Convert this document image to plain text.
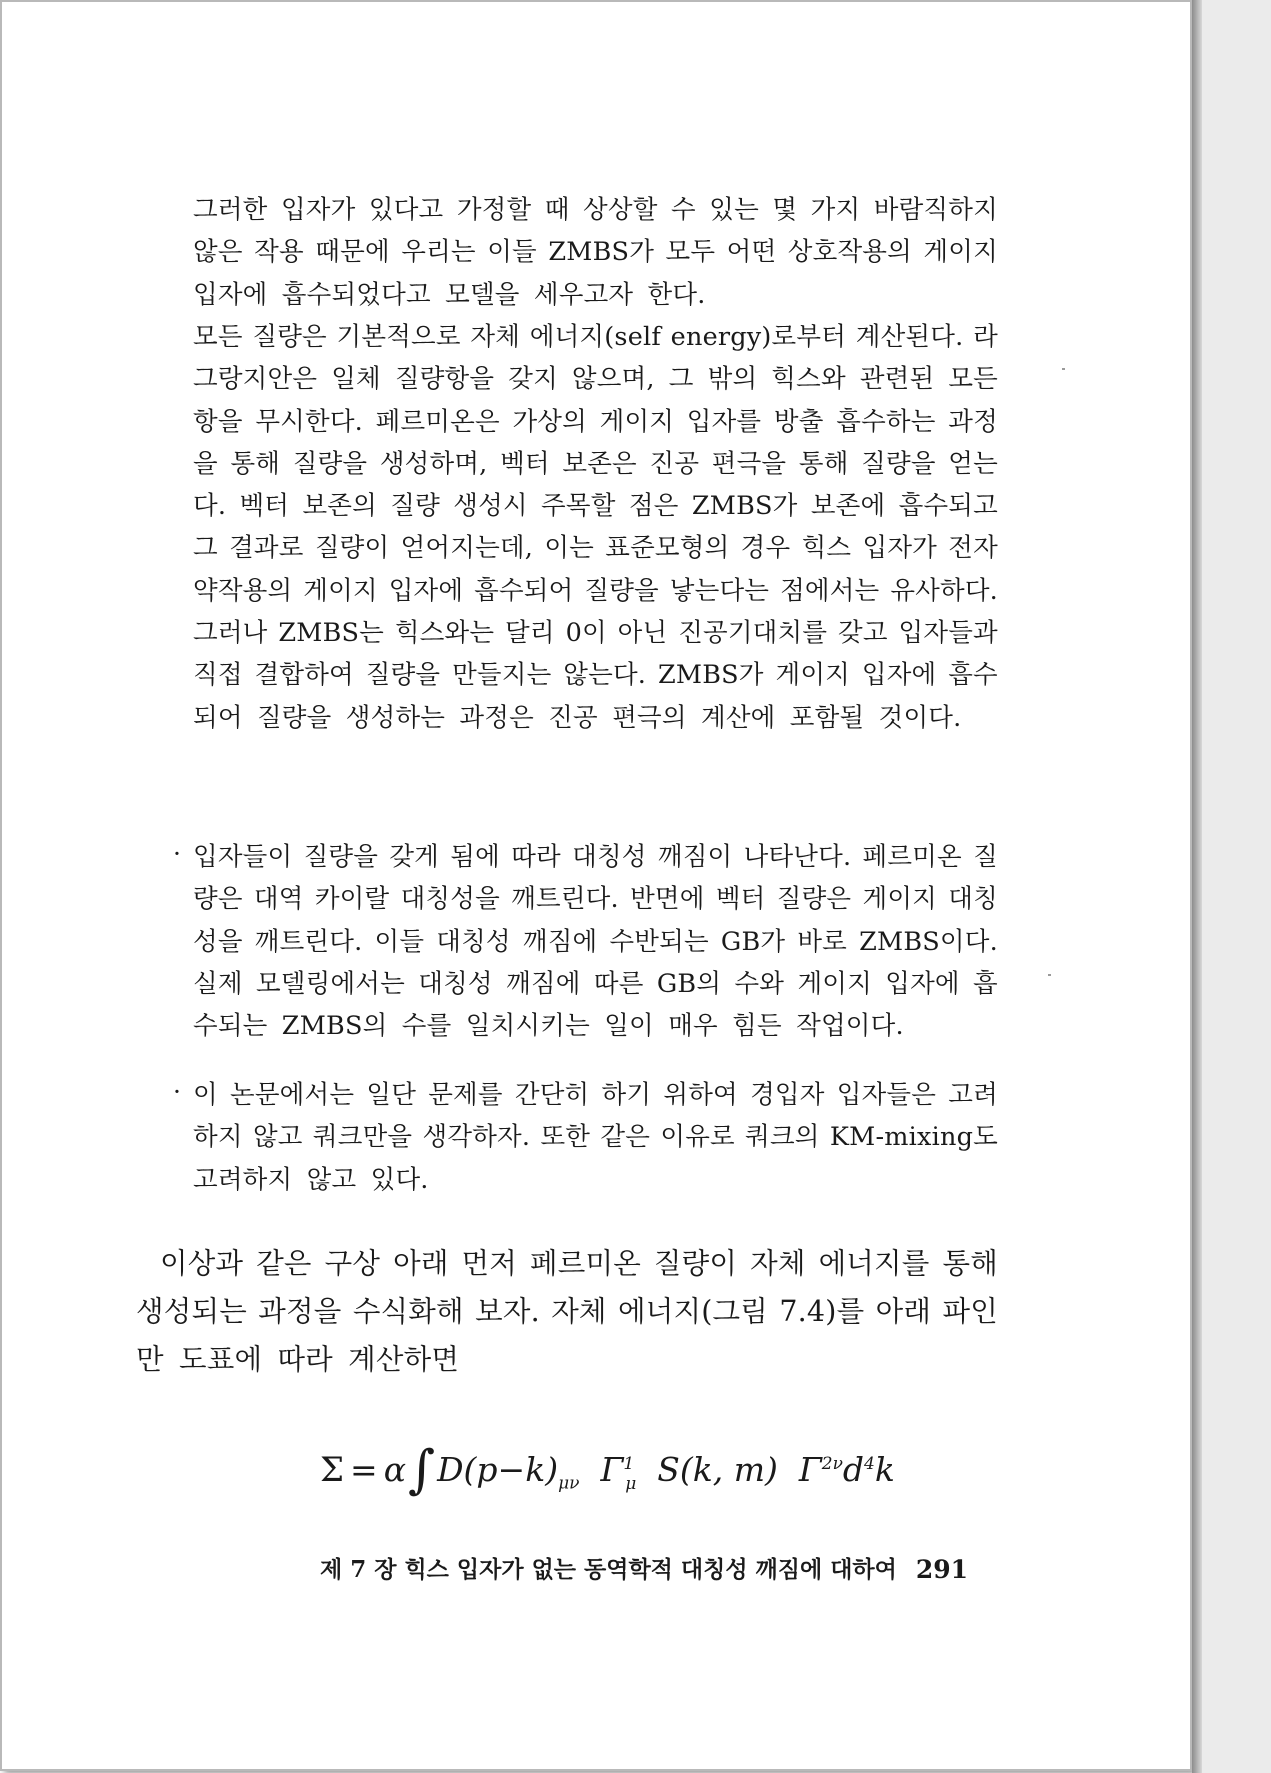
그러한 입자가 있다고 가정할 때 상상할 수 있는 몇 가지 바람직하지
않은 작용 때문에 우리는 이들 ZMBS가 모두 어떤 상호작용의 게이지
입자에 흡수되었다고 모델을 세우고자 한다.
모든 질량은 기본적으로 자체 에너지(self energy)로부터 계산된다. 라
그랑지안은 일체 질량항을 갖지 않으며, 그 밖의 힉스와 관련된 모든
항을 무시한다. 페르미온은 가상의 게이지 입자를 방출 흡수하는 과정
을 통해 질량을 생성하며, 벡터 보존은 진공 편극을 통해 질량을 얻는
다. 벡터 보존의 질량 생성시 주목할 점은 ZMBS가 보존에 흡수되고
그 결과로 질량이 얻어지는데, 이는 표준모형의 경우 힉스 입자가 전자
약작용의 게이지 입자에 흡수되어 질량을 낳는다는 점에서는 유사하다.
그러나 ZMBS는 힉스와는 달리 0이 아닌 진공기대치를 갖고 입자들과
직접 결합하여 질량을 만들지는 않는다. ZMBS가 게이지 입자에 흡수
되어 질량을 생성하는 과정은 진공 편극의 계산에 포함될 것이다.
입자들이 질량을 갖게 됨에 따라 대칭성 깨짐이 나타난다. 페르미온 질
량은 대역 카이랄 대칭성을 깨트린다. 반면에 벡터 질량은 게이지 대칭
성을 깨트린다. 이들 대칭성 깨짐에 수반되는 GB가 바로 ZMBS이다.
실제 모델링에서는 대칭성 깨짐에 따른 GB의 수와 게이지 입자에 흡
수되는 ZMBS의 수를 일치시키는 일이 매우 힘든 작업이다.
·
이 논문에서는 일단 문제를 간단히 하기 위하여 경입자 입자들은 고려
하지 않고 쿼크만을 생각하자. 또한 같은 이유로 쿼크의 KM-mixing도
고려하지 않고 있다.
·
이상과 같은 구상 아래 먼저 페르미온 질량이 자체 에너지를 통해
생성되는 과정을 수식화해 보자. 자체 에너지(그림 7.4)를 아래 파인
만 도표에 따라 계산하면
$\Sigma = \alpha\int D(p-k)_{\mu\nu}$ $\Gamma^1_\mu$ S(k, m) $\Gamma^{2\nu}d^4k$
제 7 장 힉스 입자가 없는 동역학적 대칭성 깨짐에 대하여 291
